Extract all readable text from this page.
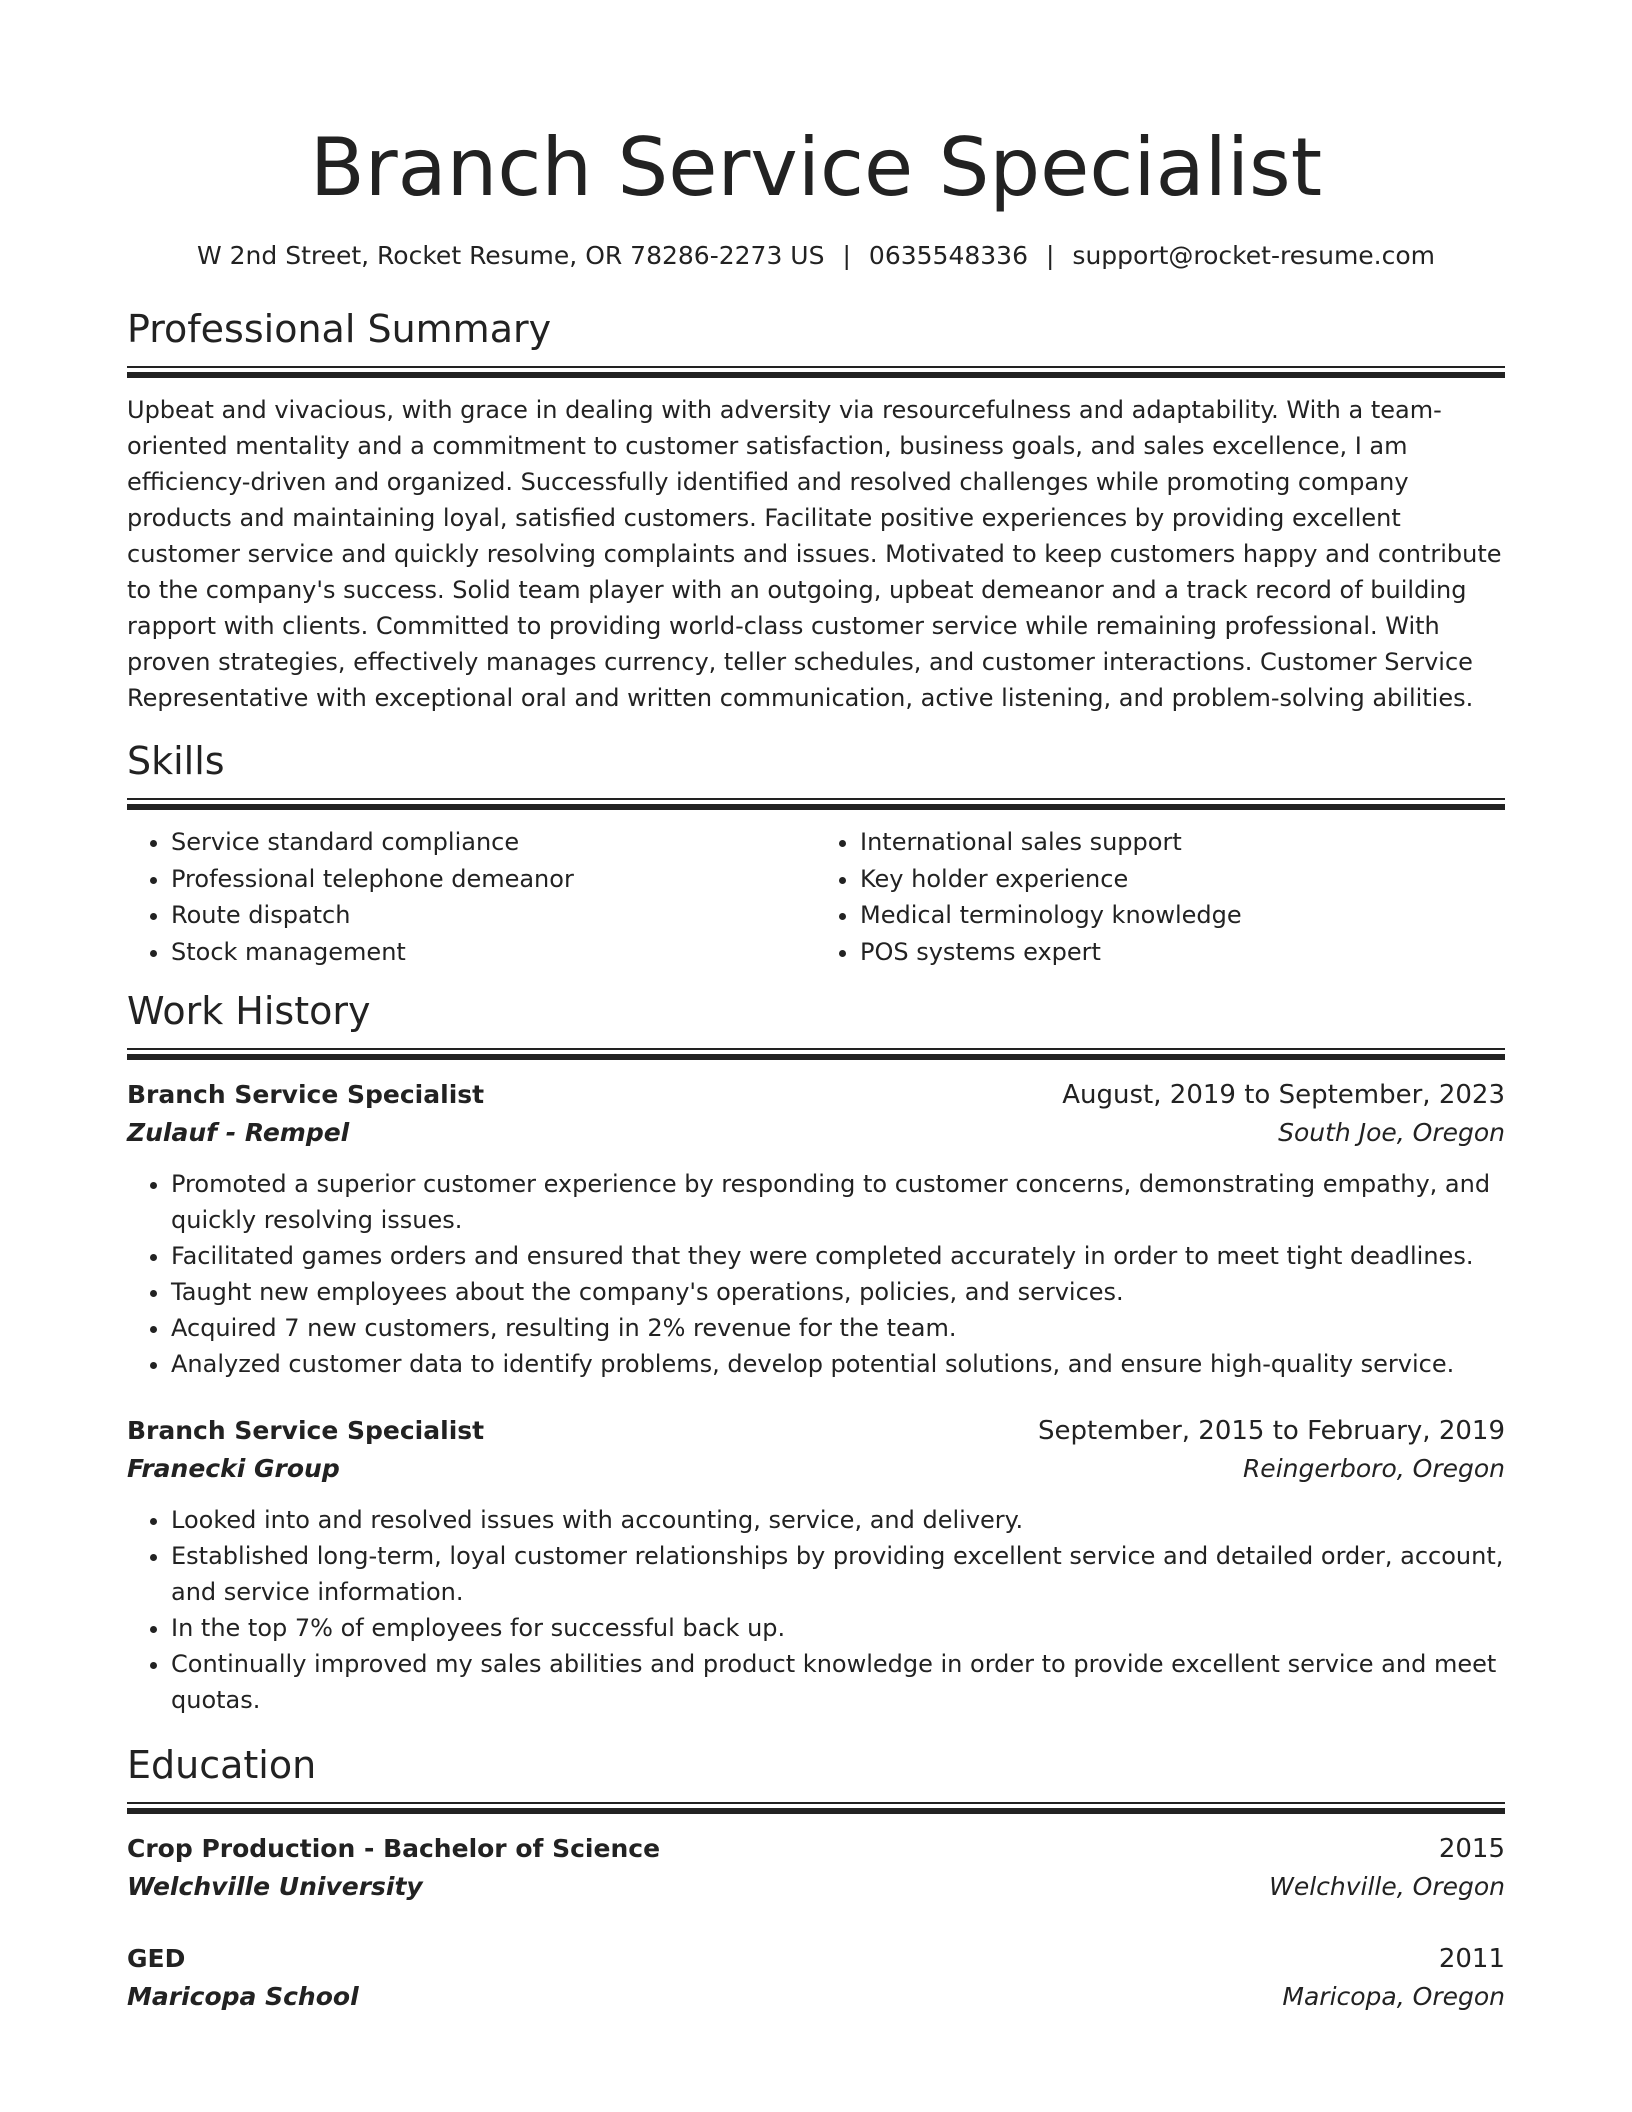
Branch Service Specialist
W 2nd Street, Rocket Resume, OR 78286-2273 US | 0635548336 | support@rocket-resume.com
Professional Summary
Upbeat and vivacious, with grace in dealing with adversity via resourcefulness and adaptability. With a team-oriented mentality and a commitment to customer satisfaction, business goals, and sales excellence, I am efficiency-driven and organized. Successfully identified and resolved challenges while promoting company products and maintaining loyal, satisfied customers. Facilitate positive experiences by providing excellent customer service and quickly resolving complaints and issues. Motivated to keep customers happy and contribute to the company's success. Solid team player with an outgoing, upbeat demeanor and a track record of building rapport with clients. Committed to providing world-class customer service while remaining professional. With proven strategies, effectively manages currency, teller schedules, and customer interactions. Customer Service Representative with exceptional oral and written communication, active listening, and problem-solving abilities.
Skills
• Service standard compliance
• Professional telephone demeanor
• Route dispatch
• Stock management
• International sales support
• Key holder experience
• Medical terminology knowledge
• POS systems expert
Work History
Branch Service Specialist	August, 2019 to September, 2023
Zulauf - Rempel	South Joe, Oregon
• Promoted a superior customer experience by responding to customer concerns, demonstrating empathy, and quickly resolving issues.
• Facilitated games orders and ensured that they were completed accurately in order to meet tight deadlines.
• Taught new employees about the company's operations, policies, and services.
• Acquired 7 new customers, resulting in 2% revenue for the team.
• Analyzed customer data to identify problems, develop potential solutions, and ensure high-quality service.
Branch Service Specialist	September, 2015 to February, 2019
Franecki Group	Reingerboro, Oregon
• Looked into and resolved issues with accounting, service, and delivery.
• Established long-term, loyal customer relationships by providing excellent service and detailed order, account, and service information.
• In the top 7% of employees for successful back up.
• Continually improved my sales abilities and product knowledge in order to provide excellent service and meet quotas.
Education
Crop Production - Bachelor of Science	2015
Welchville University	Welchville, Oregon
GED	2011
Maricopa School	Maricopa, Oregon
